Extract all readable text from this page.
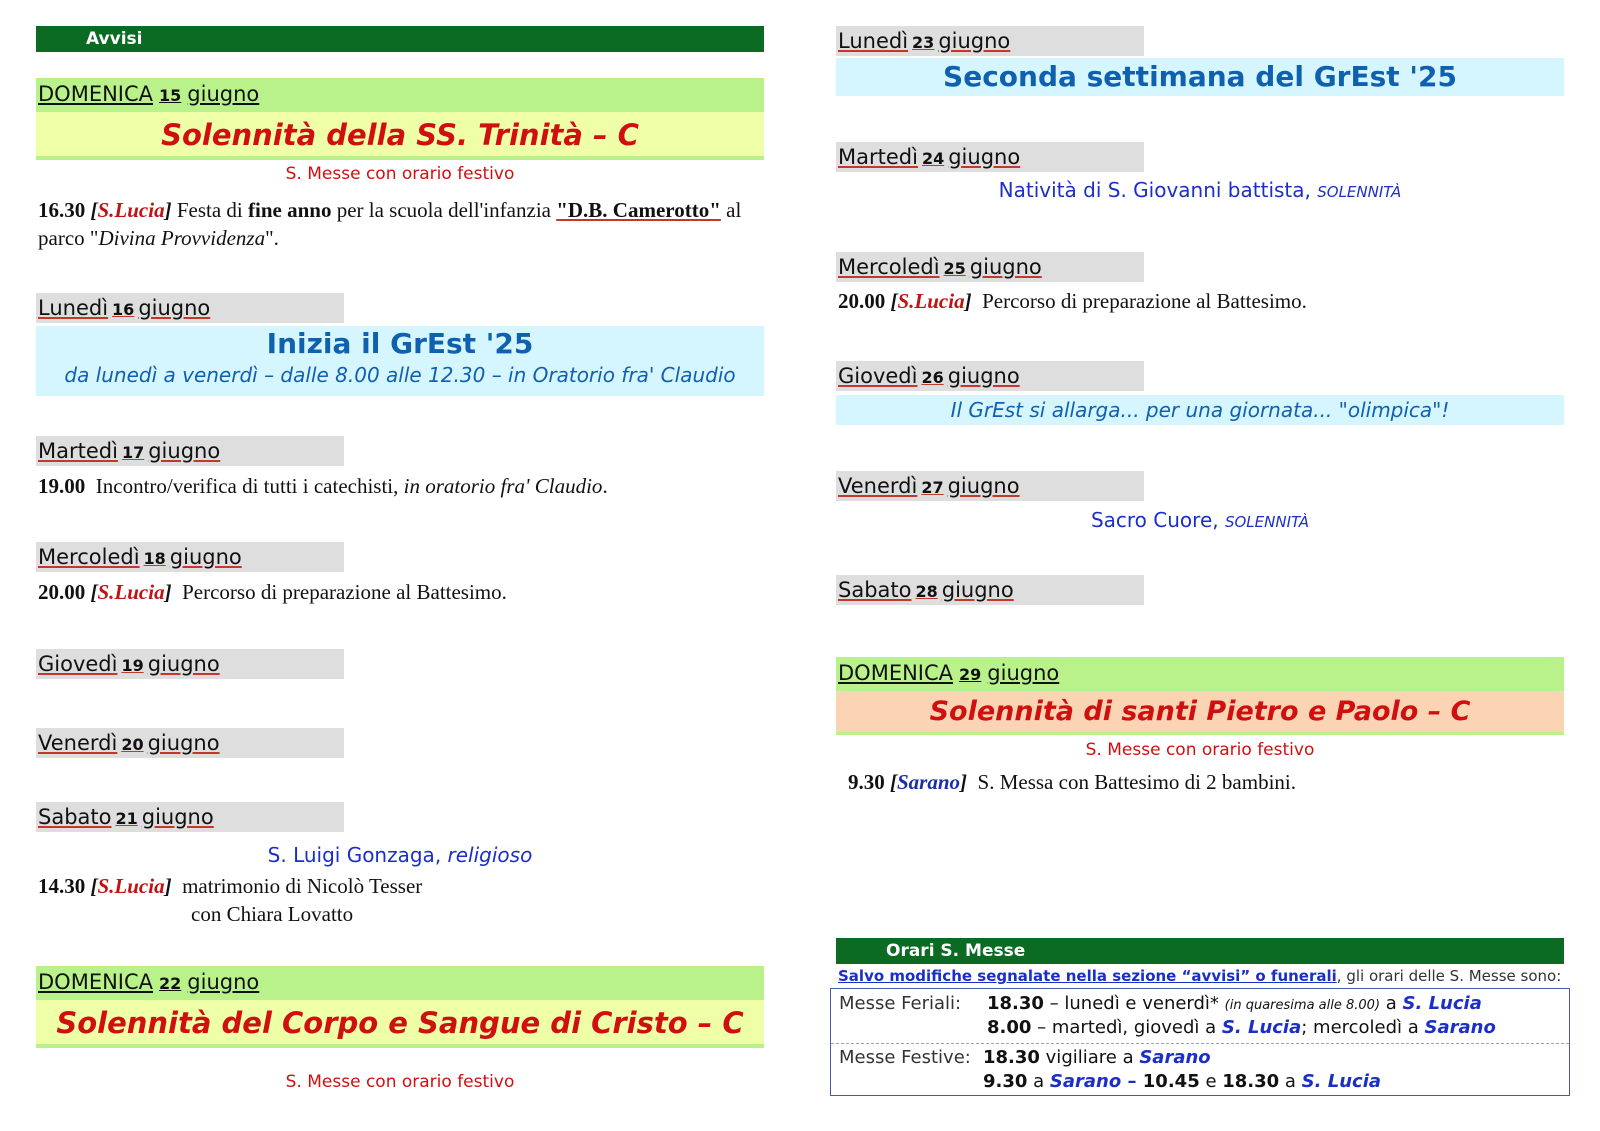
Avvisi
DOMENICA 15 giugno
Solennità della SS. Trinità – C
S. Messe con orario festivo
16.30 [S.Lucia] Festa di fine anno per la scuola dell'infanzia "D.B. Camerotto" al parco "Divina Provvidenza".
Lunedì 16 giugno
Inizia il GrEst '25
da lunedì a venerdì – dalle 8.00 alle 12.30 – in Oratorio fra' Claudio
Martedì 17 giugno
19.00 Incontro/verifica di tutti i catechisti, in oratorio fra' Claudio.
Mercoledì 18 giugno
20.00 [S.Lucia] Percorso di preparazione al Battesimo.
Giovedì 19 giugno
Venerdì 20 giugno
Sabato 21 giugno
S. Luigi Gonzaga, religioso
14.30 [S.Lucia] matrimonio di Nicolò Tesser
con Chiara Lovatto
DOMENICA 22 giugno
Solennità del Corpo e Sangue di Cristo – C
S. Messe con orario festivo
Lunedì 23 giugno
Seconda settimana del GrEst '25
Martedì 24 giugno
Natività di S. Giovanni battista, SOLENNITÀ
Mercoledì 25 giugno
20.00 [S.Lucia] Percorso di preparazione al Battesimo.
Giovedì 26 giugno
Il GrEst si allarga... per una giornata... "olimpica"!
Venerdì 27 giugno
Sacro Cuore, SOLENNITÀ
Sabato 28 giugno
DOMENICA 29 giugno
Solennità di santi Pietro e Paolo – C
S. Messe con orario festivo
9.30 [Sarano] S. Messa con Battesimo di 2 bambini.
Orari S. Messe
Salvo modifiche segnalate nella sezione “avvisi” o funerali, gli orari delle S. Messe sono:
Messe Feriali: 18.30 – lunedì e venerdì* (in quaresima alle 8.00) a S. Lucia
8.00 – martedì, giovedì a S. Lucia; mercoledì a Sarano
Messe Festive: 18.30 vigiliare a Sarano
9.30 a Sarano – 10.45 e 18.30 a S. Lucia
